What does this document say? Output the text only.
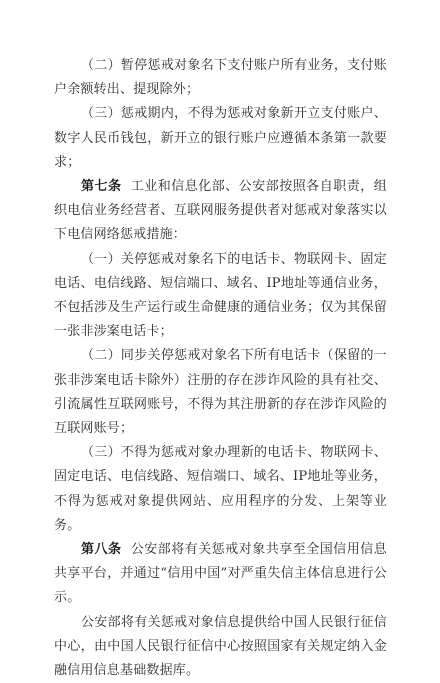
（二）暂停惩戒对象名下支付账户所有业务，支付账户余额转出、提现除外；

（三）惩戒期内，不得为惩戒对象新开立支付账户、数字人民币钱包，新开立的银行账户应遵循本条第一款要求；

第七条 工业和信息化部、公安部按照各自职责，组织电信业务经营者、互联网服务提供者对惩戒对象落实以下电信网络惩戒措施：

（一）关停惩戒对象名下的电话卡、物联网卡、固定电话、电信线路、短信端口、域名、IP地址等通信业务，不包括涉及生产运行或生命健康的通信业务；仅为其保留一张非涉案电话卡；

（二）同步关停惩戒对象名下所有电话卡（保留的一张非涉案电话卡除外）注册的存在涉诈风险的具有社交、引流属性互联网账号，不得为其注册新的存在涉诈风险的互联网账号；

（三）不得为惩戒对象办理新的电话卡、物联网卡、固定电话、电信线路、短信端口、域名、IP地址等业务，不得为惩戒对象提供网站、应用程序的分发、上架等业务。

第八条 公安部将有关惩戒对象共享至全国信用信息共享平台，并通过“信用中国”对严重失信主体信息进行公示。

公安部将有关惩戒对象信息提供给中国人民银行征信中心，由中国人民银行征信中心按照国家有关规定纳入金融信用信息基础数据库。
